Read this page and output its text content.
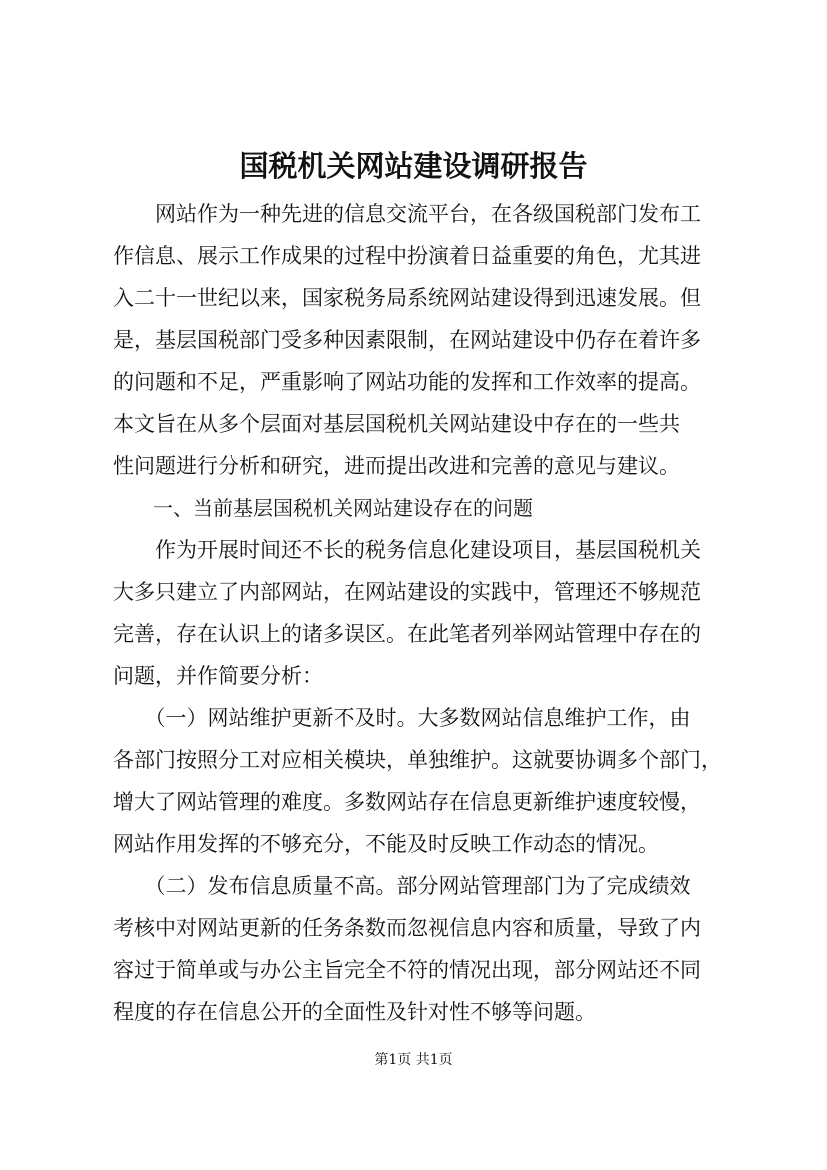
国税机关网站建设调研报告
　　网站作为一种先进的信息交流平台，在各级国税部门发布工
作信息、展示工作成果的过程中扮演着日益重要的角色，尤其进
入二十一世纪以来，国家税务局系统网站建设得到迅速发展。但
是，基层国税部门受多种因素限制，在网站建设中仍存在着许多
的问题和不足，严重影响了网站功能的发挥和工作效率的提高。
本文旨在从多个层面对基层国税机关网站建设中存在的一些共
性问题进行分析和研究，进而提出改进和完善的意见与建议。
　　一、当前基层国税机关网站建设存在的问题
　　作为开展时间还不长的税务信息化建设项目，基层国税机关
大多只建立了内部网站，在网站建设的实践中，管理还不够规范
完善，存在认识上的诸多误区。在此笔者列举网站管理中存在的
问题，并作简要分析：
　　（一）网站维护更新不及时。大多数网站信息维护工作，由
各部门按照分工对应相关模块，单独维护。这就要协调多个部门，
增大了网站管理的难度。多数网站存在信息更新维护速度较慢，
网站作用发挥的不够充分，不能及时反映工作动态的情况。
　　（二）发布信息质量不高。部分网站管理部门为了完成绩效
考核中对网站更新的任务条数而忽视信息内容和质量，导致了内
容过于简单或与办公主旨完全不符的情况出现，部分网站还不同
程度的存在信息公开的全面性及针对性不够等问题。
第1页 共1页
